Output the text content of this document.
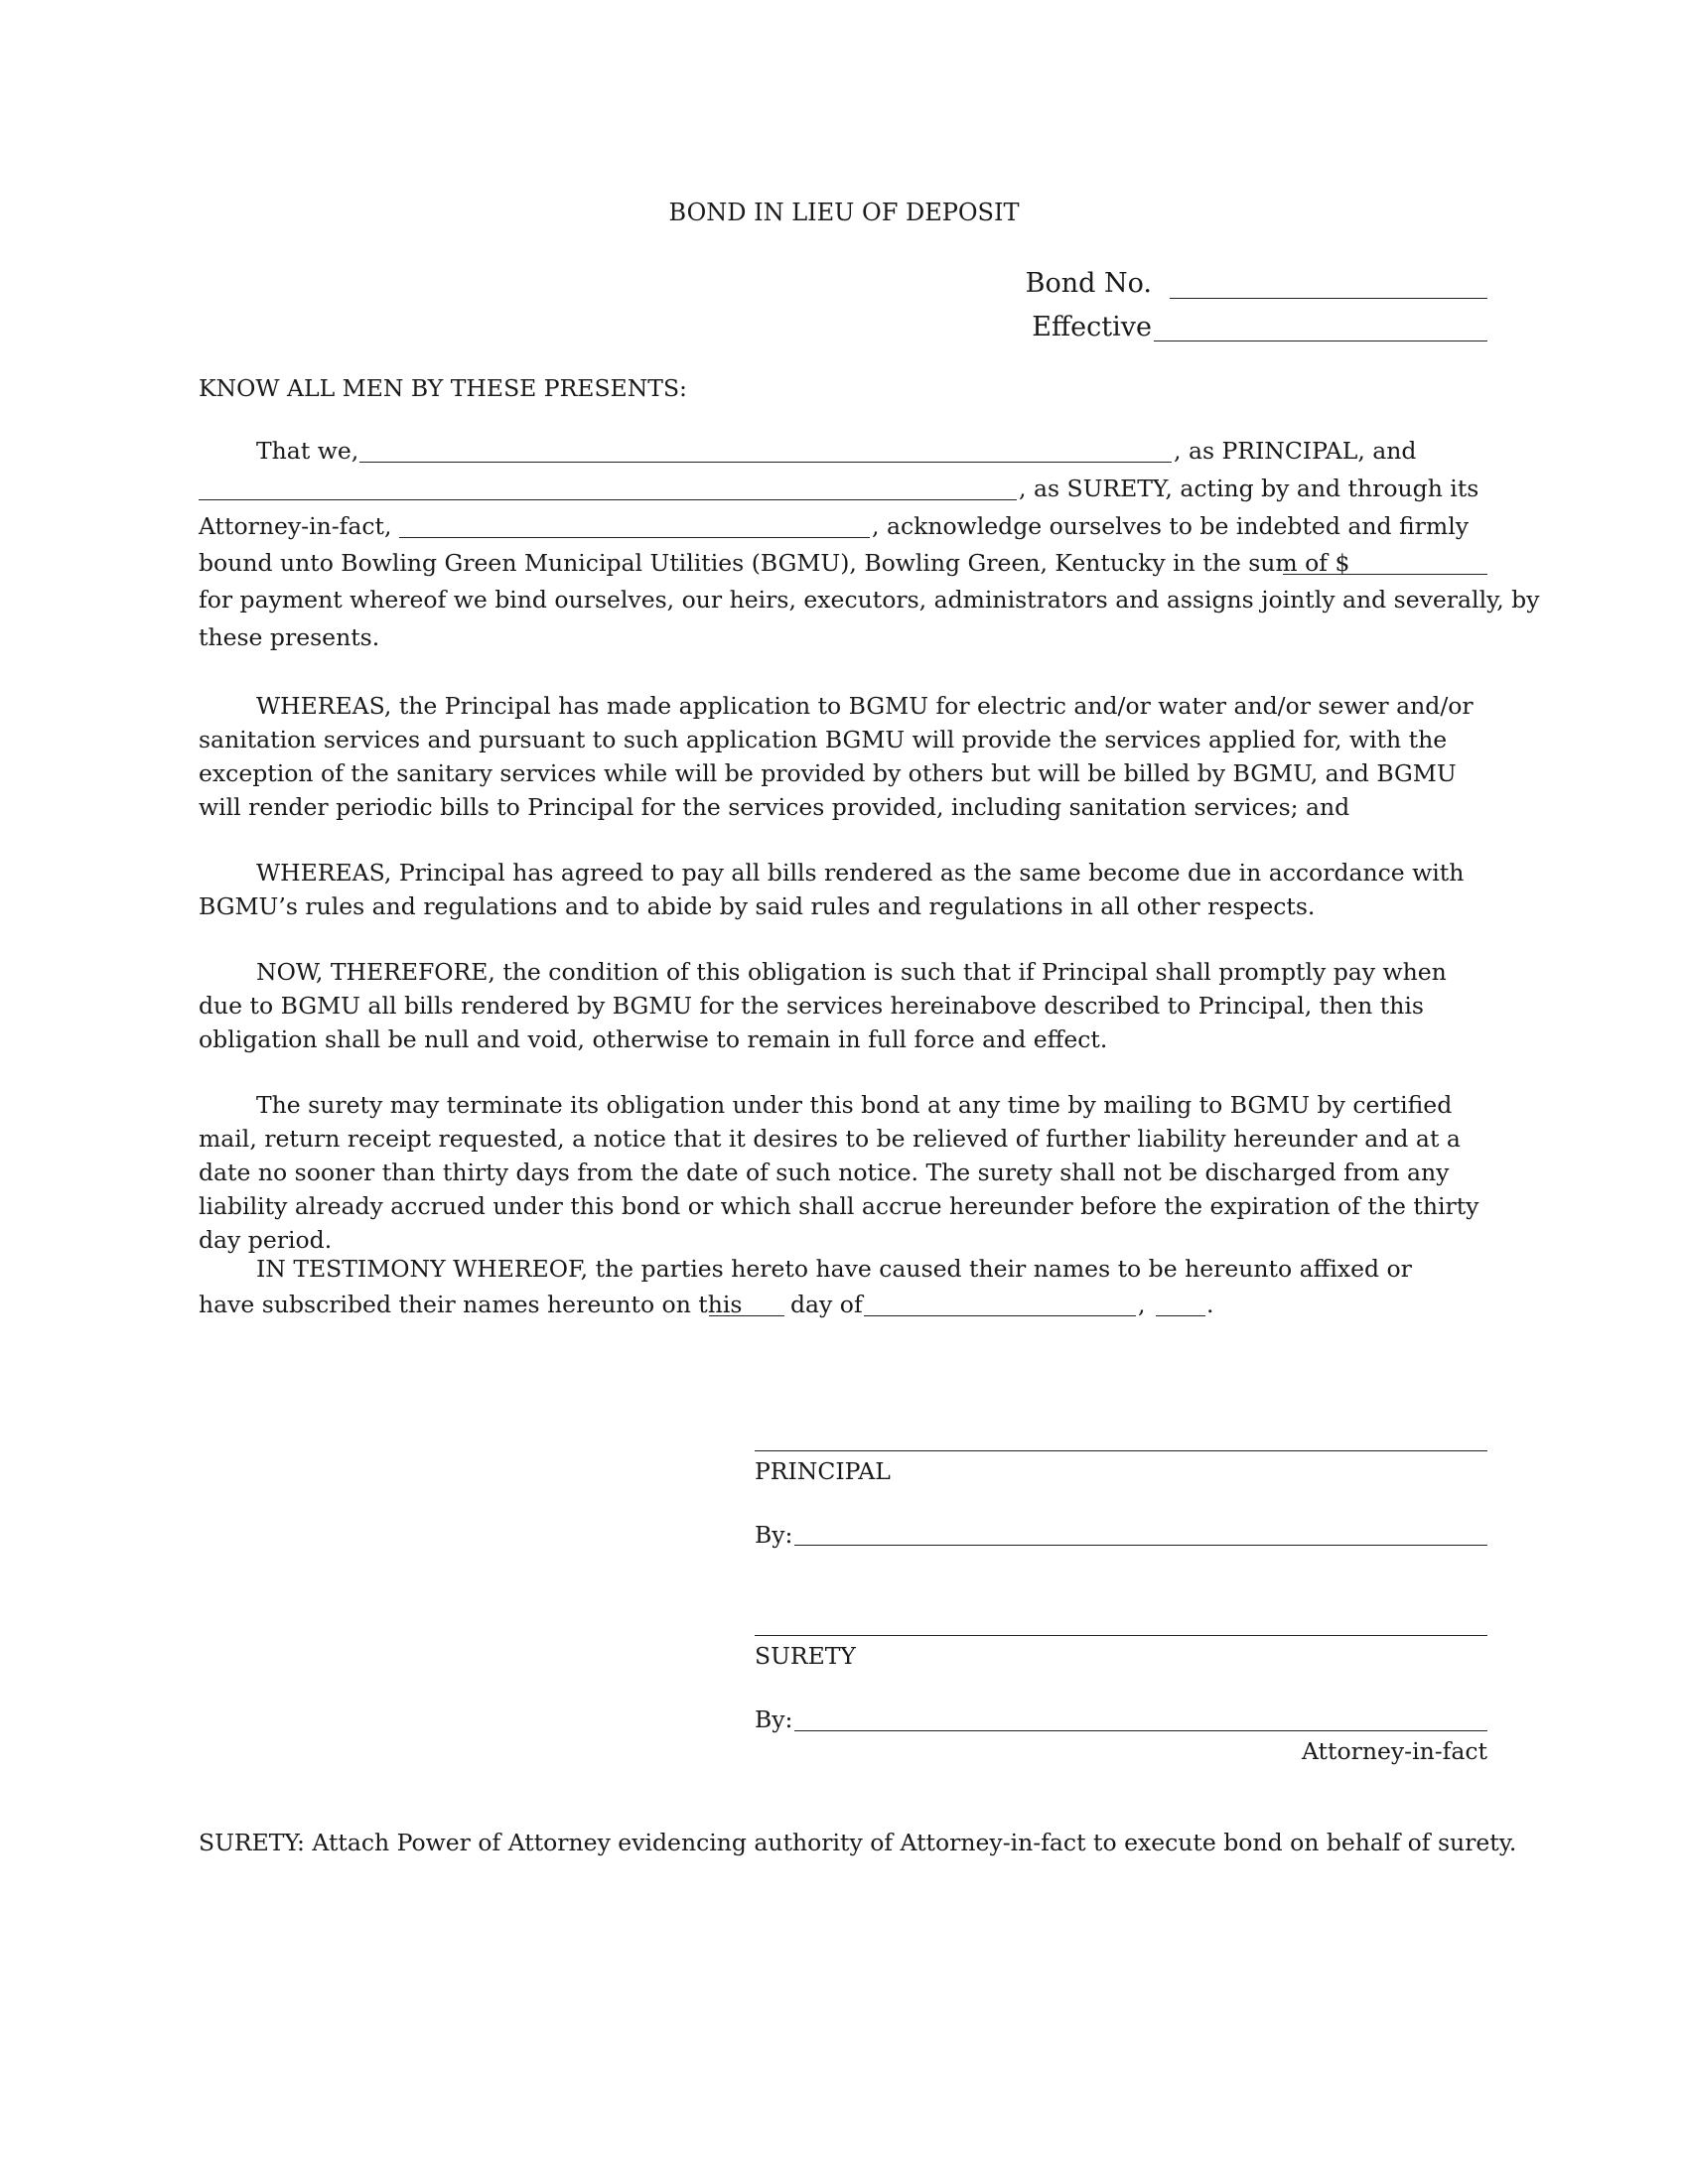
BOND IN LIEU OF DEPOSIT
Bond No.
Effective
KNOW ALL MEN BY THESE PRESENTS:
That we,	, as PRINCIPAL, and
, as SURETY, acting by and through its
Attorney-in-fact,	, acknowledge ourselves to be indebted and firmly
bound unto Bowling Green Municipal Utilities (BGMU), Bowling Green, Kentucky in the sum of $
for payment whereof we bind ourselves, our heirs, executors, administrators and assigns jointly and severally, by
these presents.

WHEREAS, the Principal has made application to BGMU for electric and/or water and/or sewer and/or sanitation services and pursuant to such application BGMU will provide the services applied for, with the exception of the sanitary services while will be provided by others but will be billed by BGMU, and BGMU will render periodic bills to Principal for the services provided, including sanitation services; and

WHEREAS, Principal has agreed to pay all bills rendered as the same become due in accordance with BGMU’s rules and regulations and to abide by said rules and regulations in all other respects.

NOW, THEREFORE, the condition of this obligation is such that if Principal shall promptly pay when due to BGMU all bills rendered by BGMU for the services hereinabove described to Principal, then this obligation shall be null and void, otherwise to remain in full force and effect.

The surety may terminate its obligation under this bond at any time by mailing to BGMU by certified mail, return receipt requested, a notice that it desires to be relieved of further liability hereunder and at a date no sooner than thirty days from the date of such notice. The surety shall not be discharged from any liability already accrued under this bond or which shall accrue hereunder before the expiration of the thirty day period.

IN TESTIMONY WHEREOF, the parties hereto have caused their names to be hereunto affixed or
have subscribed their names hereunto on this day of	,	.
PRINCIPAL
By:
SURETY
By:
Attorney-in-fact
SURETY: Attach Power of Attorney evidencing authority of Attorney-in-fact to execute bond on behalf of surety.
